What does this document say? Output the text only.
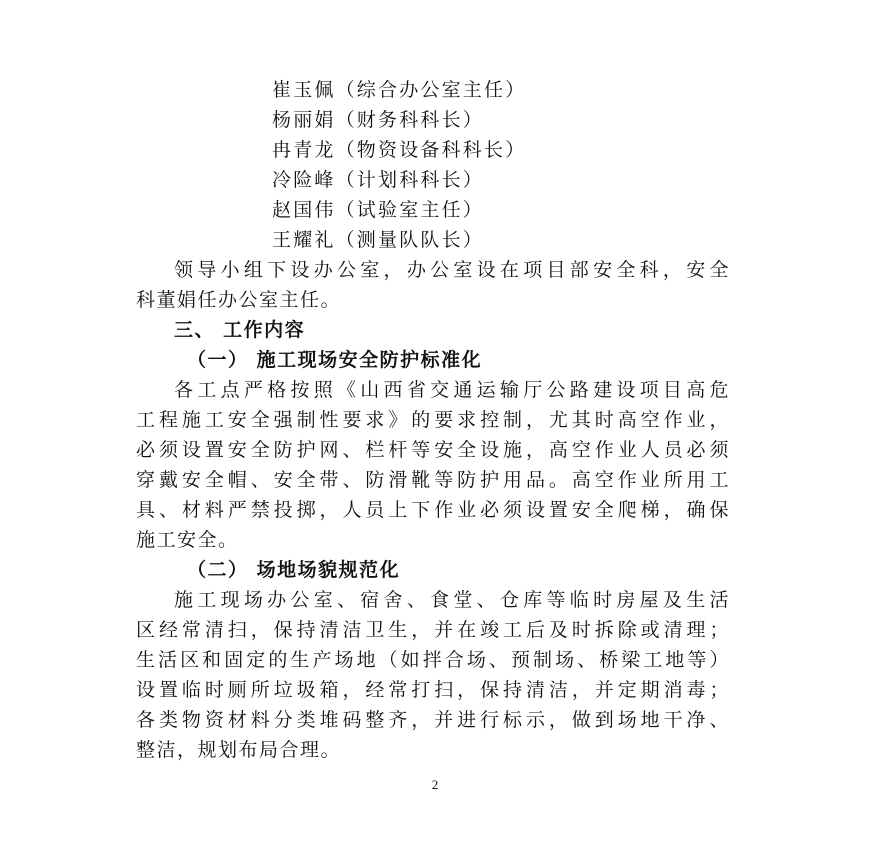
崔玉佩（综合办公室主任）
杨丽娟（财务科科长）
冉青龙（物资设备科科长）
冷险峰（计划科科长）
赵国伟（试验室主任）
王耀礼（测量队队长）
领导小组下设办公室，办公室设在项目部安全科，安全
科董娟任办公室主任。
三、 工作内容
（一） 施工现场安全防护标准化
各工点严格按照《山西省交通运输厅公路建设项目高危
工程施工安全强制性要求》的要求控制，尤其时高空作业，
必须设置安全防护网、栏杆等安全设施，高空作业人员必须
穿戴安全帽、安全带、防滑靴等防护用品。高空作业所用工
具、材料严禁投掷，人员上下作业必须设置安全爬梯，确保
施工安全。
（二） 场地场貌规范化
施工现场办公室、宿舍、食堂、仓库等临时房屋及生活
区经常清扫，保持清洁卫生，并在竣工后及时拆除或清理；
生活区和固定的生产场地（如拌合场、预制场、桥梁工地等）
设置临时厕所垃圾箱，经常打扫，保持清洁，并定期消毒；
各类物资材料分类堆码整齐，并进行标示，做到场地干净、
整洁，规划布局合理。
2
